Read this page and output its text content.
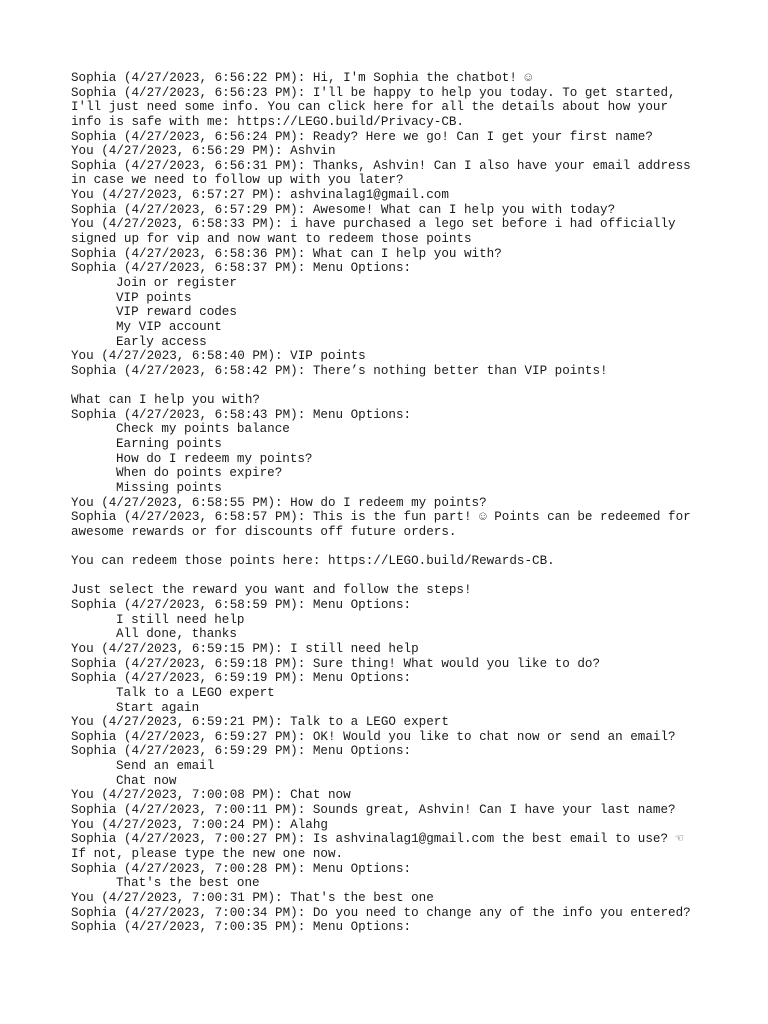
Sophia (4/27/2023, 6:56:22 PM): Hi, I'm Sophia the chatbot! ☺
Sophia (4/27/2023, 6:56:23 PM): I'll be happy to help you today. To get started,
I'll just need some info. You can click here for all the details about how your
info is safe with me: https://LEGO.build/Privacy-CB.
Sophia (4/27/2023, 6:56:24 PM): Ready? Here we go! Can I get your first name?
You (4/27/2023, 6:56:29 PM): Ashvin
Sophia (4/27/2023, 6:56:31 PM): Thanks, Ashvin! Can I also have your email address
in case we need to follow up with you later?
You (4/27/2023, 6:57:27 PM): ashvinalag1@gmail.com
Sophia (4/27/2023, 6:57:29 PM): Awesome! What can I help you with today?
You (4/27/2023, 6:58:33 PM): i have purchased a lego set before i had officially
signed up for vip and now want to redeem those points
Sophia (4/27/2023, 6:58:36 PM): What can I help you with?
Sophia (4/27/2023, 6:58:37 PM): Menu Options:
Join or register
VIP points
VIP reward codes
My VIP account
Early access
You (4/27/2023, 6:58:40 PM): VIP points
Sophia (4/27/2023, 6:58:42 PM): There’s nothing better than VIP points!
What can I help you with?
Sophia (4/27/2023, 6:58:43 PM): Menu Options:
Check my points balance
Earning points
How do I redeem my points?
When do points expire?
Missing points
You (4/27/2023, 6:58:55 PM): How do I redeem my points?
Sophia (4/27/2023, 6:58:57 PM): This is the fun part! ☺ Points can be redeemed for
awesome rewards or for discounts off future orders.
You can redeem those points here: https://LEGO.build/Rewards-CB.
Just select the reward you want and follow the steps!
Sophia (4/27/2023, 6:58:59 PM): Menu Options:
I still need help
All done, thanks
You (4/27/2023, 6:59:15 PM): I still need help
Sophia (4/27/2023, 6:59:18 PM): Sure thing! What would you like to do?
Sophia (4/27/2023, 6:59:19 PM): Menu Options:
Talk to a LEGO expert
Start again
You (4/27/2023, 6:59:21 PM): Talk to a LEGO expert
Sophia (4/27/2023, 6:59:27 PM): OK! Would you like to chat now or send an email?
Sophia (4/27/2023, 6:59:29 PM): Menu Options:
Send an email
Chat now
You (4/27/2023, 7:00:08 PM): Chat now
Sophia (4/27/2023, 7:00:11 PM): Sounds great, Ashvin! Can I have your last name?
You (4/27/2023, 7:00:24 PM): Alahg
Sophia (4/27/2023, 7:00:27 PM): Is ashvinalag1@gmail.com the best email to use? ☜
If not, please type the new one now.
Sophia (4/27/2023, 7:00:28 PM): Menu Options:
That's the best one
You (4/27/2023, 7:00:31 PM): That's the best one
Sophia (4/27/2023, 7:00:34 PM): Do you need to change any of the info you entered?
Sophia (4/27/2023, 7:00:35 PM): Menu Options:
